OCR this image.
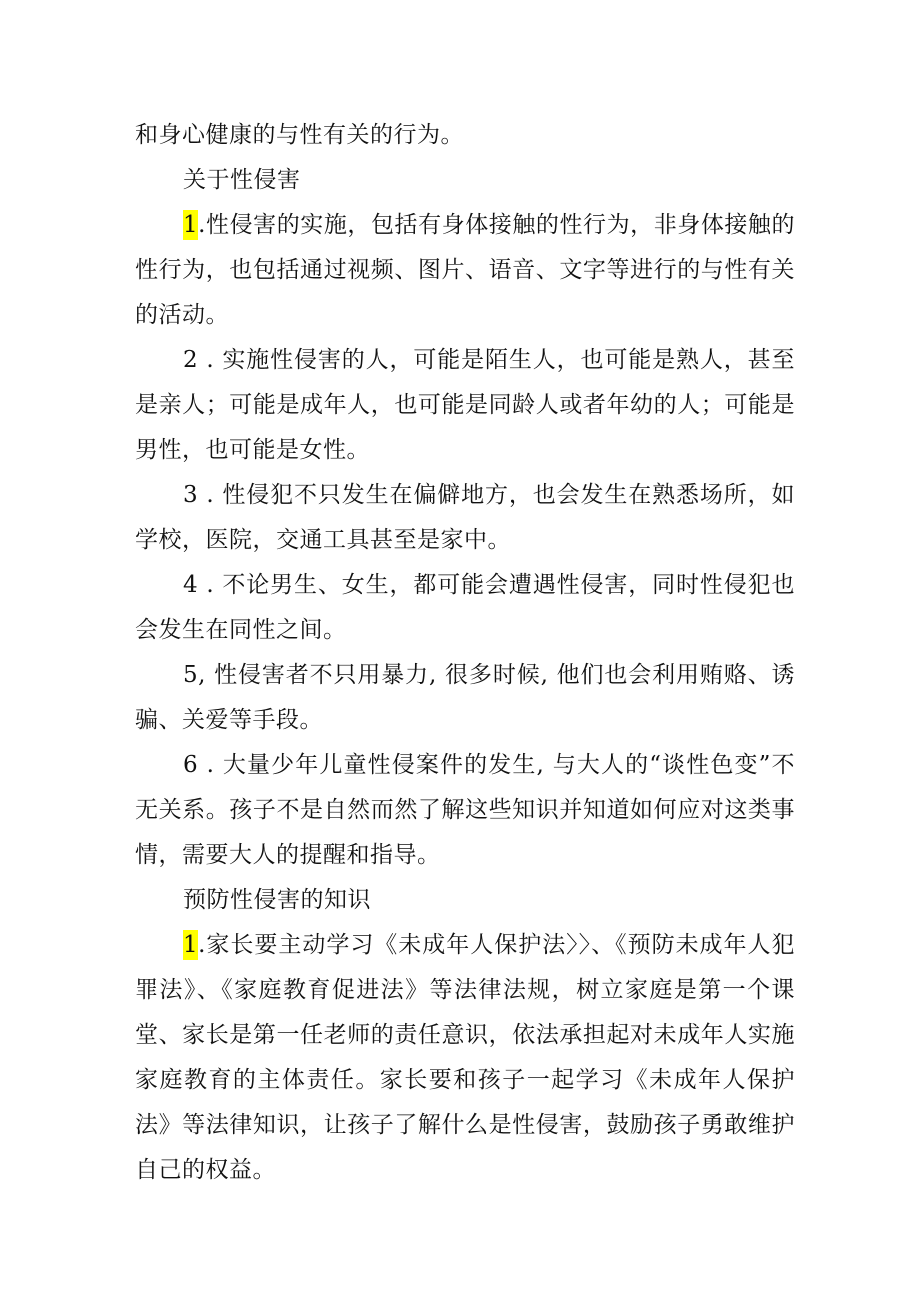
和身心健康的与性有关的行为。

关于性侵害

1.性侵害的实施，包括有身体接触的性行为，非身体接触的性行为，也包括通过视频、图片、语音、文字等进行的与性有关的活动。

2 . 实施性侵害的人，可能是陌生人，也可能是熟人，甚至是亲人；可能是成年人，也可能是同龄人或者年幼的人；可能是男性，也可能是女性。

3 . 性侵犯不只发生在偏僻地方，也会发生在熟悉场所，如学校，医院，交通工具甚至是家中。

4 . 不论男生、女生，都可能会遭遇性侵害，同时性侵犯也会发生在同性之间。

5, 性侵害者不只用暴力, 很多时候, 他们也会利用贿赂、诱骗、关爱等手段。

6 . 大量少年儿童性侵案件的发生, 与大人的“谈性色变”不无关系。孩子不是自然而然了解这些知识并知道如何应对这类事情，需要大人的提醒和指导。

预防性侵害的知识

1.家长要主动学习《未成年人保护法〉〉、《预防未成年人犯罪法》、《家庭教育促进法》等法律法规，树立家庭是第一个课堂、家长是第一任老师的责任意识，依法承担起对未成年人实施家庭教育的主体责任。家长要和孩子一起学习《未成年人保护法》等法律知识，让孩子了解什么是性侵害，鼓励孩子勇敢维护自己的权益。
